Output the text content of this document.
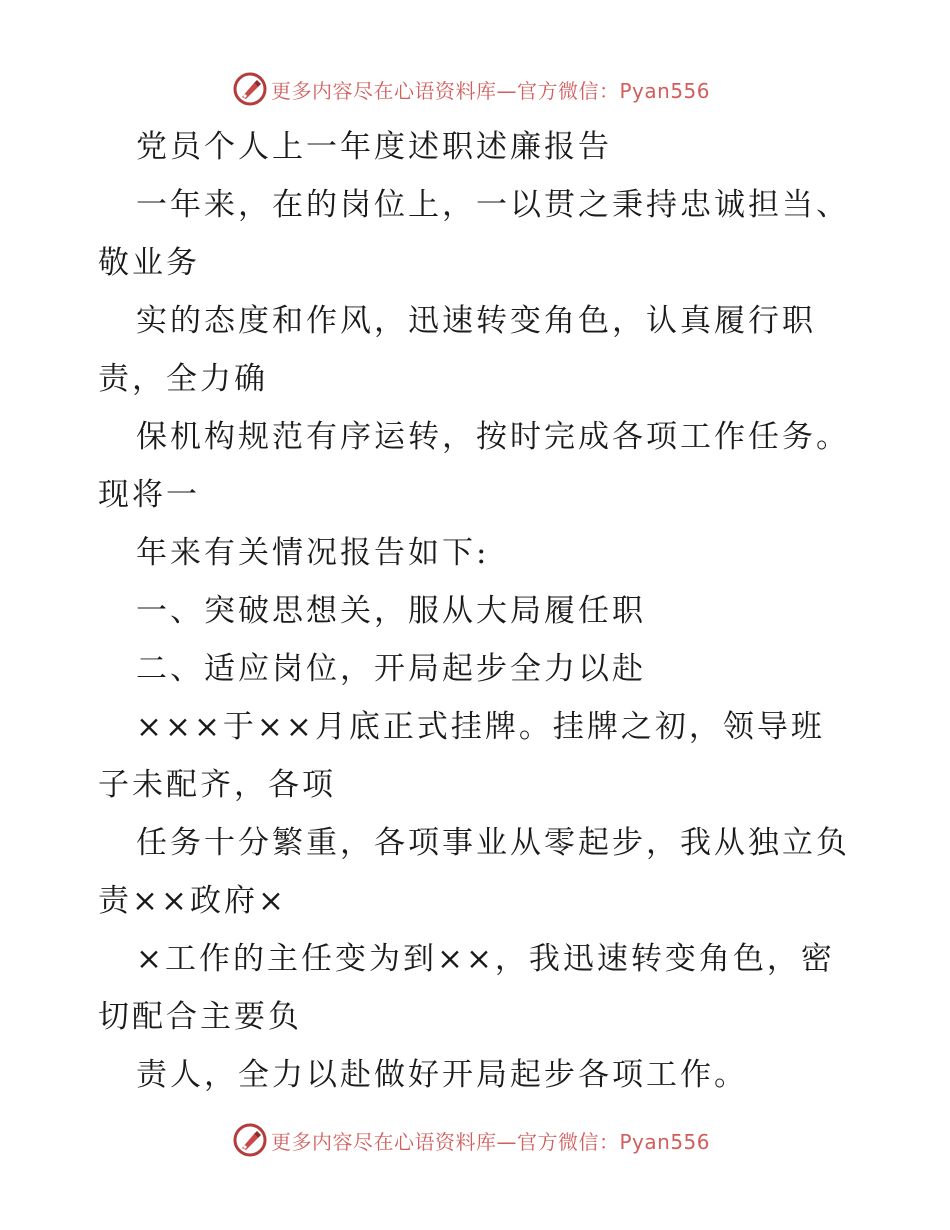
更多内容尽在心语资料库—官方微信：Pyan556
党员个人上一年度述职述廉报告
一年来，在的岗位上，一以贯之秉持忠诚担当、
敬业务
实的态度和作风，迅速转变角色，认真履行职
责，全力确
保机构规范有序运转，按时完成各项工作任务。
现将一
年来有关情况报告如下:
一、突破思想关，服从大局履任职
二、适应岗位，开局起步全力以赴
×××于××月底正式挂牌。挂牌之初，领导班
子未配齐，各项
任务十分繁重，各项事业从零起步，我从独立负
责××政府×
×工作的主任变为到××，我迅速转变角色，密
切配合主要负
责人，全力以赴做好开局起步各项工作。
更多内容尽在心语资料库—官方微信：Pyan556
